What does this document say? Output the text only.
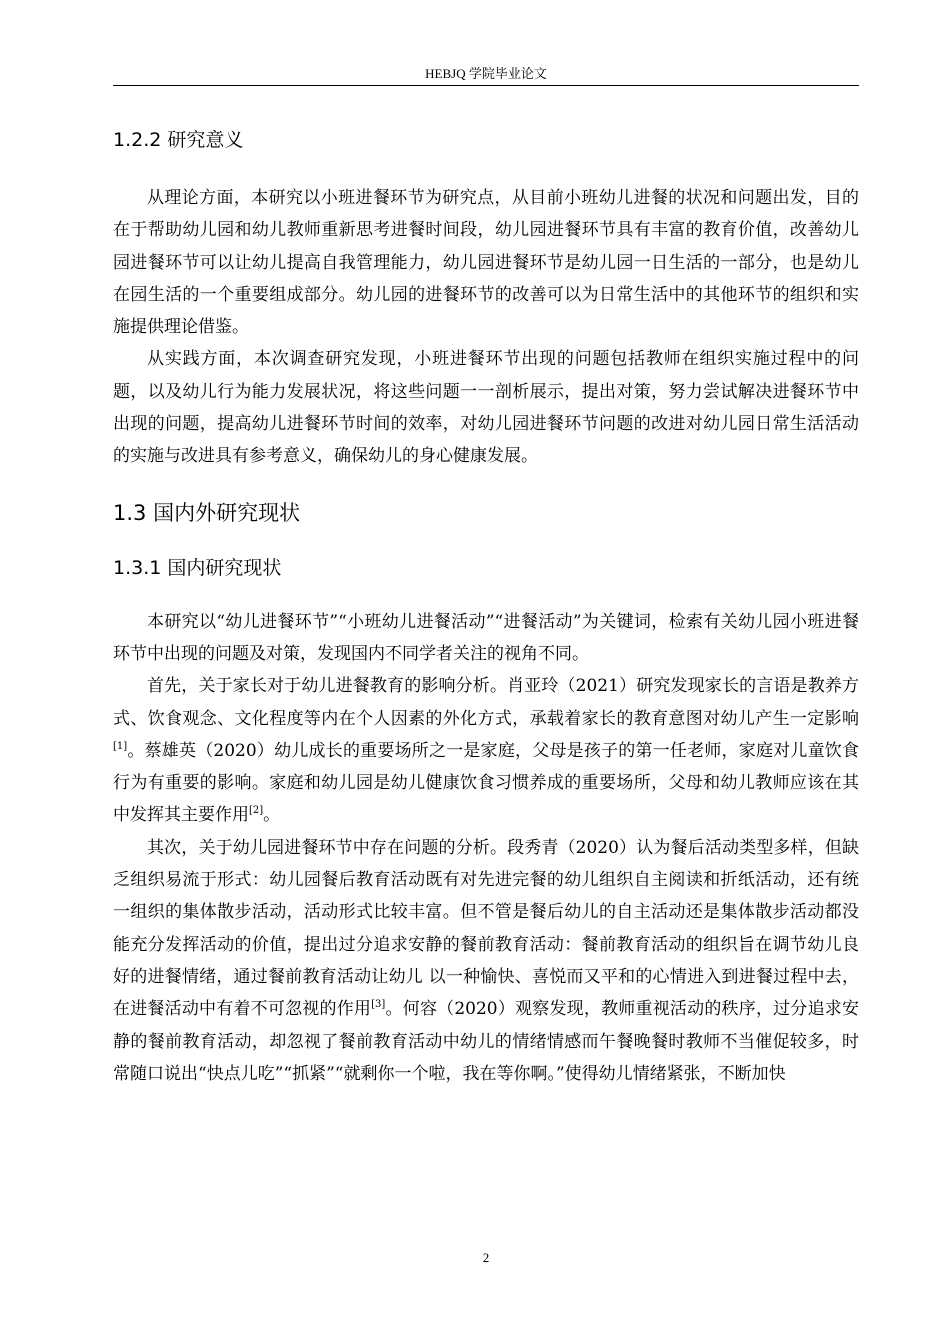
HEBJQ 学院毕业论文
1.2.2 研究意义

从理论方面，本研究以小班进餐环节为研究点，从目前小班幼儿进餐的状况和问题出发，目的在于帮助幼儿园和幼儿教师重新思考进餐时间段，幼儿园进餐环节具有丰富的教育价值，改善幼儿园进餐环节可以让幼儿提高自我管理能力，幼儿园进餐环节是幼儿园一日生活的一部分，也是幼儿在园生活的一个重要组成部分。幼儿园的进餐环节的改善可以为日常生活中的其他环节的组织和实施提供理论借鉴。

从实践方面，本次调查研究发现，小班进餐环节出现的问题包括教师在组织实施过程中的问题，以及幼儿行为能力发展状况，将这些问题一一剖析展示，提出对策，努力尝试解决进餐环节中出现的问题，提高幼儿进餐环节时间的效率，对幼儿园进餐环节问题的改进对幼儿园日常生活活动的实施与改进具有参考意义，确保幼儿的身心健康发展。

1.3 国内外研究现状
1.3.1 国内研究现状

本研究以“幼儿进餐环节”“小班幼儿进餐活动”“进餐活动”为关键词，检索有关幼儿园小班进餐环节中出现的问题及对策，发现国内不同学者关注的视角不同。

首先，关于家长对于幼儿进餐教育的影响分析。肖亚玲（2021）研究发现家长的言语是教养方式、饮食观念、文化程度等内在个人因素的外化方式，承载着家长的教育意图对幼儿产生一定影响[1]。蔡雄英（2020）幼儿成长的重要场所之一是家庭，父母是孩子的第一任老师，家庭对儿童饮食行为有重要的影响。家庭和幼儿园是幼儿健康饮食习惯养成的重要场所，父母和幼儿教师应该在其中发挥其主要作用[2]。

其次，关于幼儿园进餐环节中存在问题的分析。段秀青（2020）认为餐后活动类型多样，但缺乏组织易流于形式：幼儿园餐后教育活动既有对先进完餐的幼儿组织自主阅读和折纸活动，还有统一组织的集体散步活动，活动形式比较丰富。但不管是餐后幼儿的自主活动还是集体散步活动都没能充分发挥活动的价值，提出过分追求安静的餐前教育活动：餐前教育活动的组织旨在调节幼儿良好的进餐情绪，通过餐前教育活动让幼儿 以一种愉快、喜悦而又平和的心情进入到进餐过程中去，在进餐活动中有着不可忽视的作用[3]。何容（2020）观察发现，教师重视活动的秩序，过分追求安静的餐前教育活动，却忽视了餐前教育活动中幼儿的情绪情感而午餐晚餐时教师不当催促较多，时常随口说出“快点儿吃”“抓紧”“就剩你一个啦，我在等你啊。”使得幼儿情绪紧张，不断加快

2
